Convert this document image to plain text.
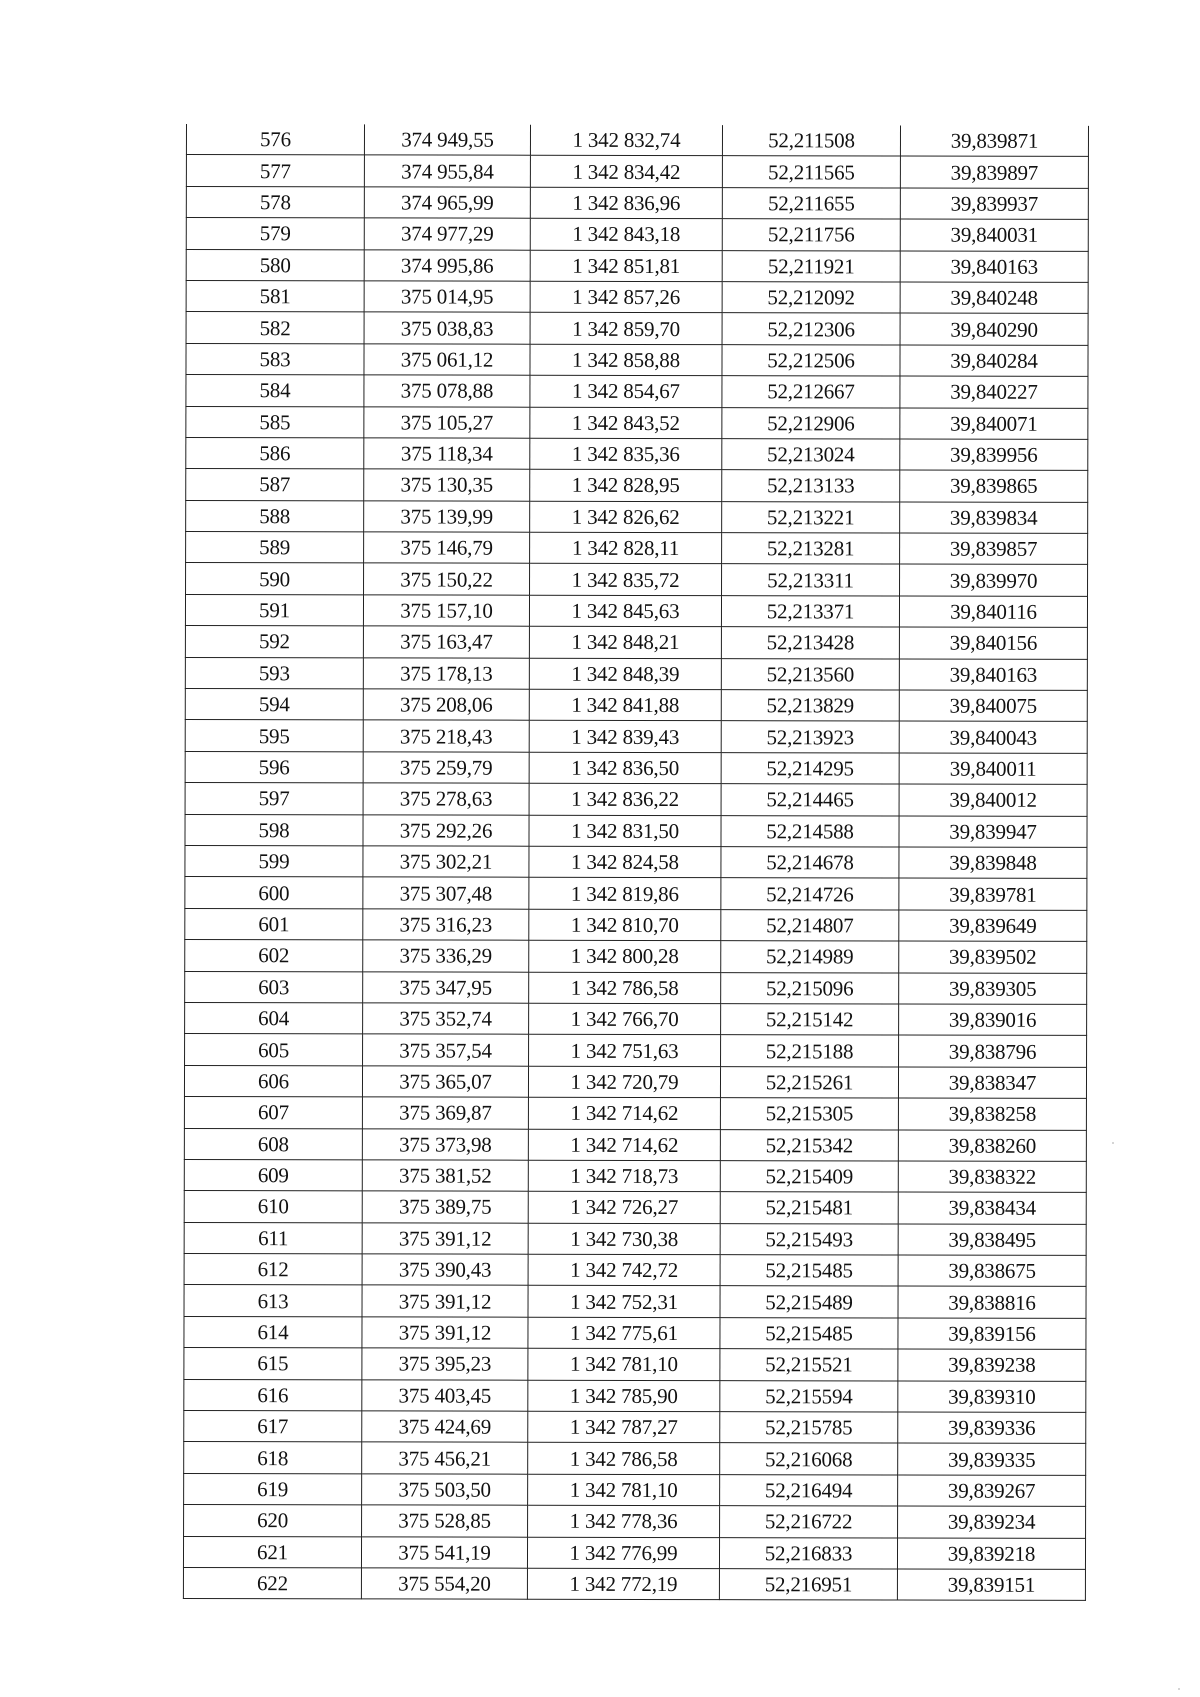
576	374 949,55	1 342 832,74	52,211508	39,839871
577	374 955,84	1 342 834,42	52,211565	39,839897
578	374 965,99	1 342 836,96	52,211655	39,839937
579	374 977,29	1 342 843,18	52,211756	39,840031
580	374 995,86	1 342 851,81	52,211921	39,840163
581	375 014,95	1 342 857,26	52,212092	39,840248
582	375 038,83	1 342 859,70	52,212306	39,840290
583	375 061,12	1 342 858,88	52,212506	39,840284
584	375 078,88	1 342 854,67	52,212667	39,840227
585	375 105,27	1 342 843,52	52,212906	39,840071
586	375 118,34	1 342 835,36	52,213024	39,839956
587	375 130,35	1 342 828,95	52,213133	39,839865
588	375 139,99	1 342 826,62	52,213221	39,839834
589	375 146,79	1 342 828,11	52,213281	39,839857
590	375 150,22	1 342 835,72	52,213311	39,839970
591	375 157,10	1 342 845,63	52,213371	39,840116
592	375 163,47	1 342 848,21	52,213428	39,840156
593	375 178,13	1 342 848,39	52,213560	39,840163
594	375 208,06	1 342 841,88	52,213829	39,840075
595	375 218,43	1 342 839,43	52,213923	39,840043
596	375 259,79	1 342 836,50	52,214295	39,840011
597	375 278,63	1 342 836,22	52,214465	39,840012
598	375 292,26	1 342 831,50	52,214588	39,839947
599	375 302,21	1 342 824,58	52,214678	39,839848
600	375 307,48	1 342 819,86	52,214726	39,839781
601	375 316,23	1 342 810,70	52,214807	39,839649
602	375 336,29	1 342 800,28	52,214989	39,839502
603	375 347,95	1 342 786,58	52,215096	39,839305
604	375 352,74	1 342 766,70	52,215142	39,839016
605	375 357,54	1 342 751,63	52,215188	39,838796
606	375 365,07	1 342 720,79	52,215261	39,838347
607	375 369,87	1 342 714,62	52,215305	39,838258
608	375 373,98	1 342 714,62	52,215342	39,838260
609	375 381,52	1 342 718,73	52,215409	39,838322
610	375 389,75	1 342 726,27	52,215481	39,838434
611	375 391,12	1 342 730,38	52,215493	39,838495
612	375 390,43	1 342 742,72	52,215485	39,838675
613	375 391,12	1 342 752,31	52,215489	39,838816
614	375 391,12	1 342 775,61	52,215485	39,839156
615	375 395,23	1 342 781,10	52,215521	39,839238
616	375 403,45	1 342 785,90	52,215594	39,839310
617	375 424,69	1 342 787,27	52,215785	39,839336
618	375 456,21	1 342 786,58	52,216068	39,839335
619	375 503,50	1 342 781,10	52,216494	39,839267
620	375 528,85	1 342 778,36	52,216722	39,839234
621	375 541,19	1 342 776,99	52,216833	39,839218
622	375 554,20	1 342 772,19	52,216951	39,839151
